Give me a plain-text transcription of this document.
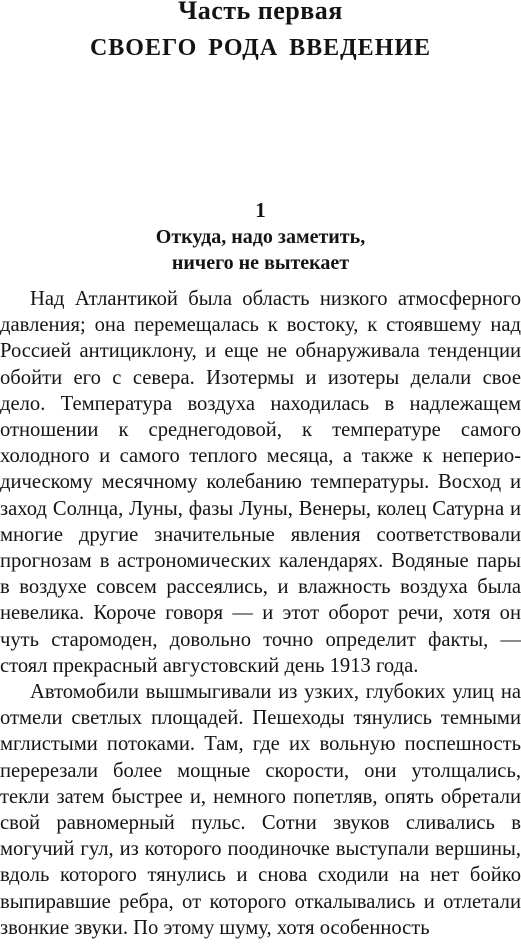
Часть первая
СВОЕГО РОДА ВВЕДЕНИЕ
1
Откуда, надо заметить,
ничего не вытекает

Над Атлантикой была область низкого атмосферного давления; она перемещалась к востоку, к стоявшему над Россией антициклону, и еще не обнаруживала тенденции обойти его с севера. Изотермы и изотеры делали свое дело. Температура воздуха находилась в надлежащем отношении к среднегодовой, к температуре самого холодного и самого теплого месяца, а также к непериодическому месячному колебанию температуры. Восход и заход Солнца, Луны, фазы Луны, Венеры, колец Сатурна и многие другие значительные явления соответствовали прогнозам в астрономических календарях. Водяные пары в воздухе совсем рассеялись, и влажность воздуха была невелика. Короче говоря — и этот оборот речи, хотя он чуть старомоден, довольно точно определит факты, — стоял прекрасный августовский день 1913 года.

Автомобили вышмыгивали из узких, глубоких улиц на отмели светлых площадей. Пешеходы тянулись темными мглистыми потоками. Там, где их вольную поспешность перерезали более мощные скорости, они утолщались, текли затем быстрее и, немного попетляв, опять обретали свой равномерный пульс. Сотни звуков сливались в могучий гул, из которого поодиночке выступали вершины, вдоль которого тянулись и снова сходили на нет бойко выпиравшие ребра, от которого откалывались и отлетали звонкие звуки. По этому шуму, хотя особенность
